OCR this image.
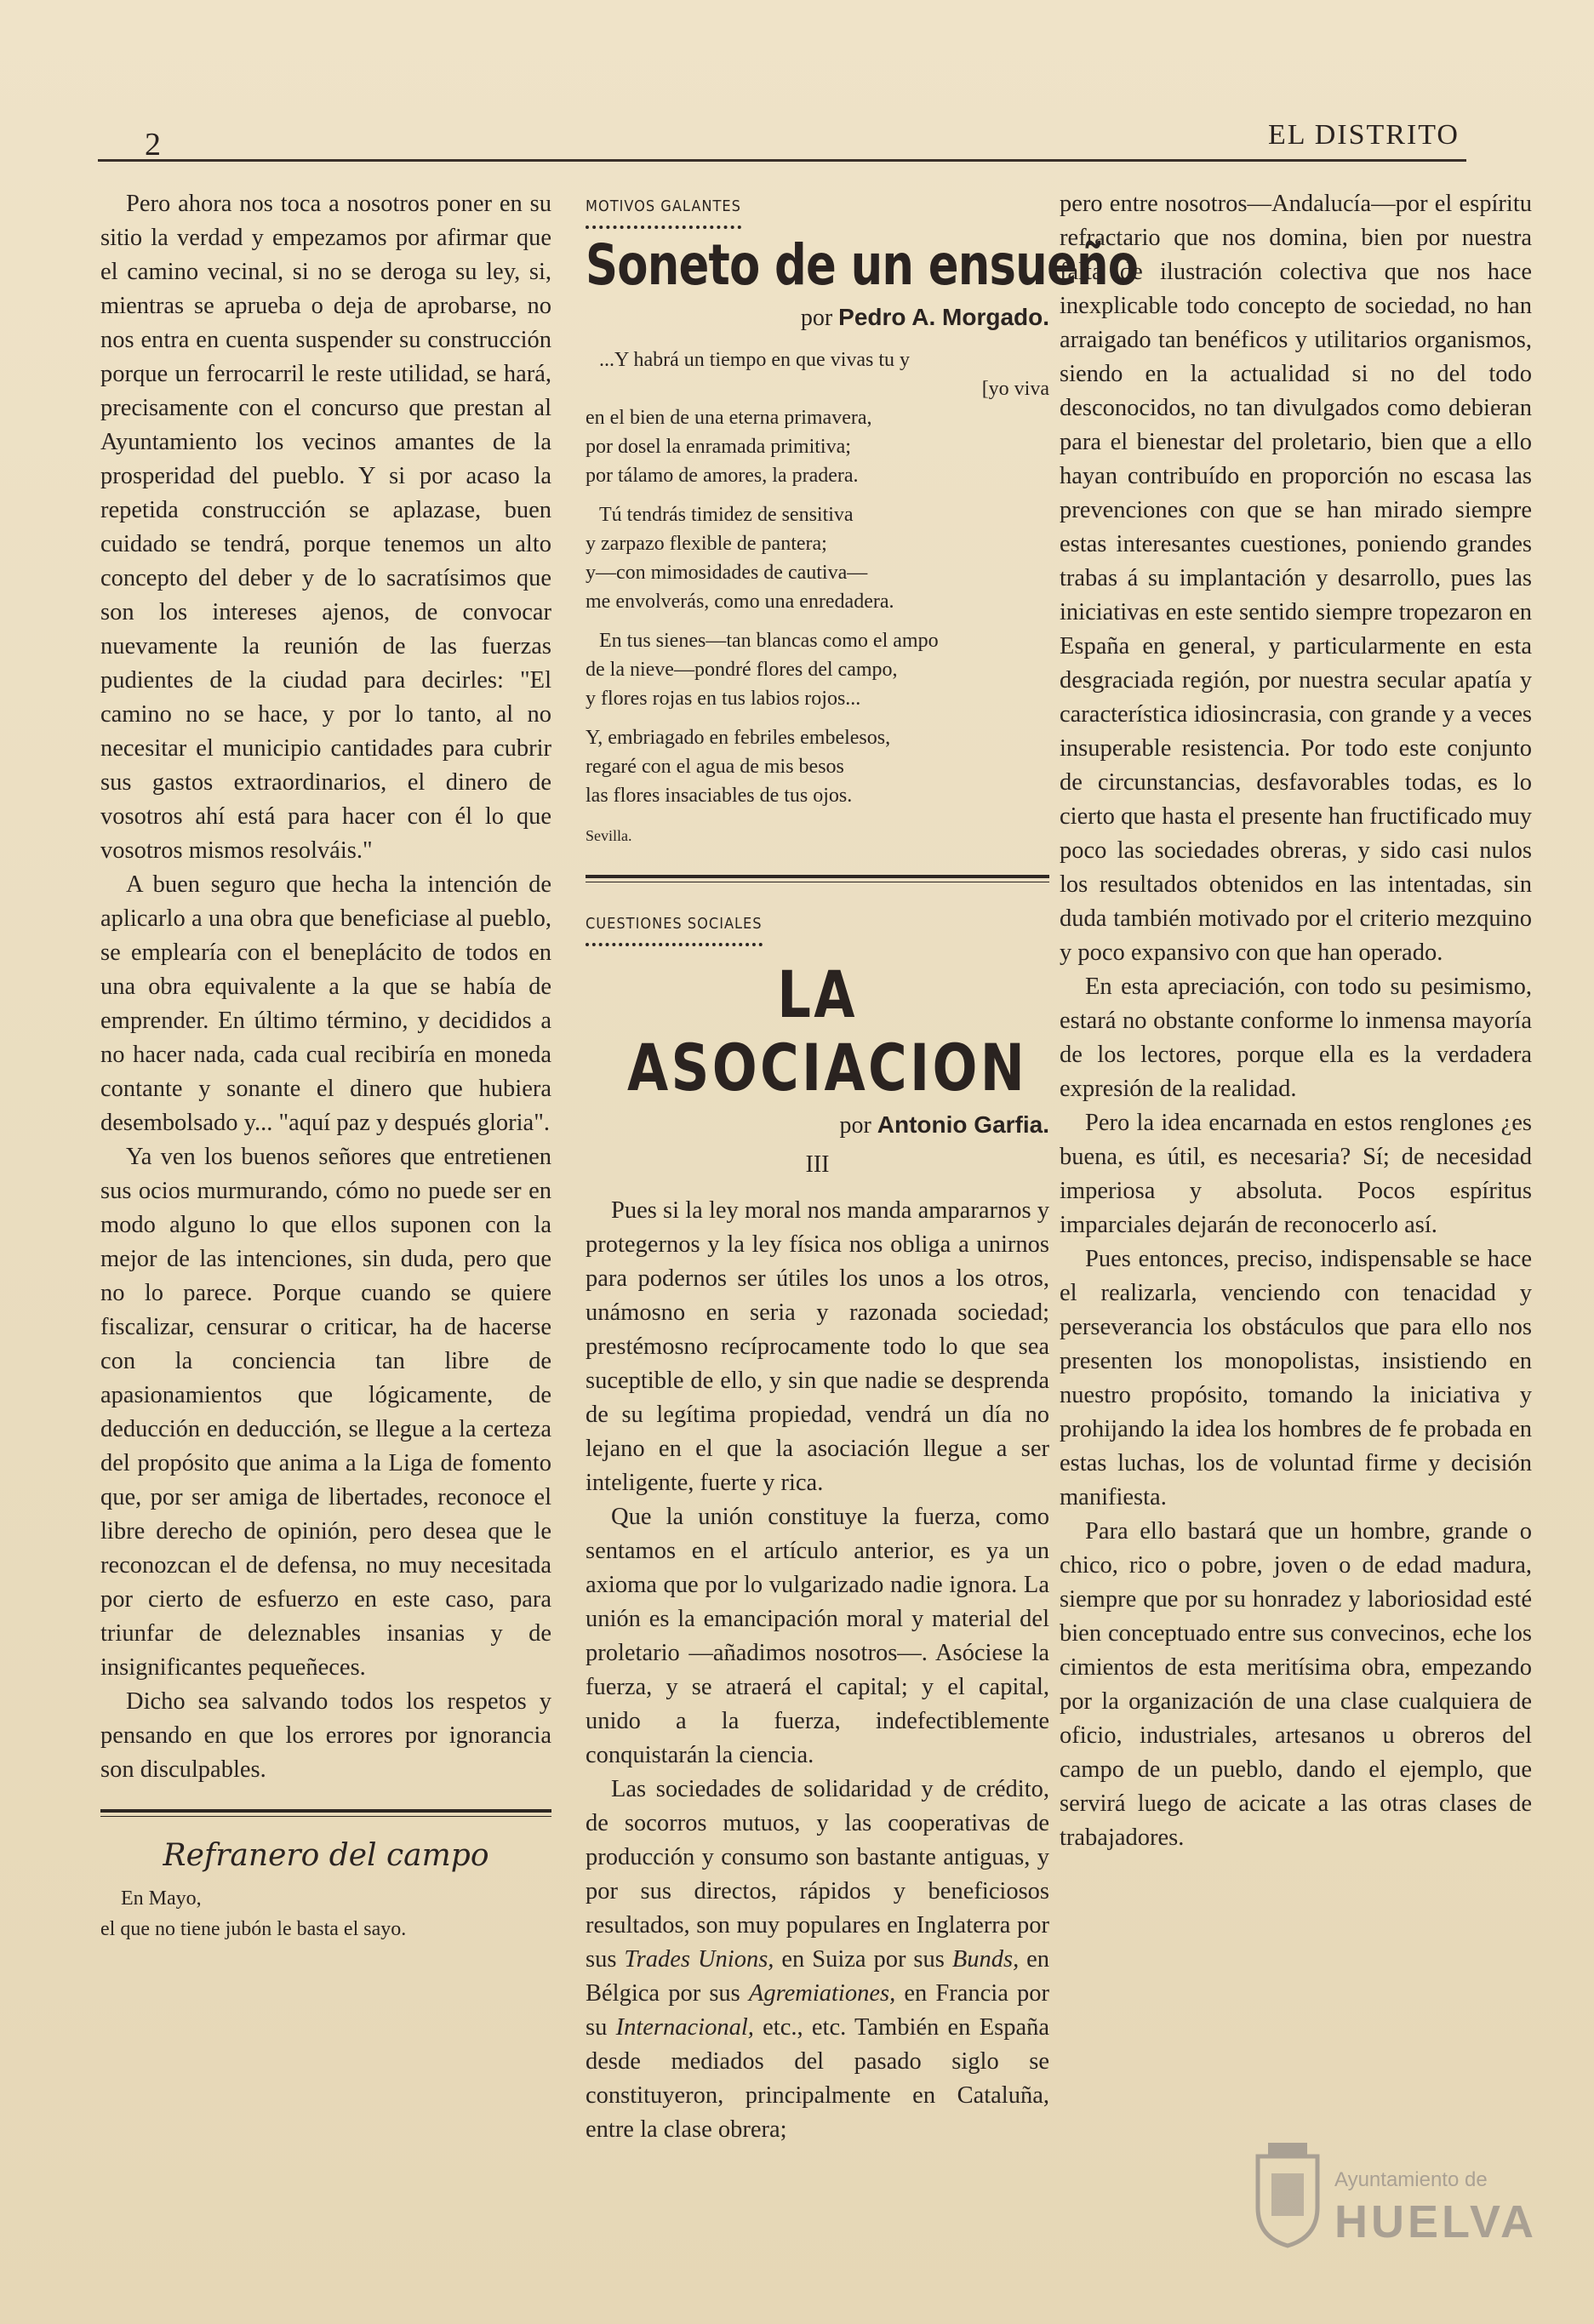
2	EL DISTRITO

Pero ahora nos toca a nosotros poner en su sitio la verdad y empezamos por afirmar que el camino vecinal, si no se deroga su ley, si, mientras se aprueba o deja de aprobarse, no nos entra en cuenta suspender su construcción porque un ferrocarril le reste utilidad, se hará, precisamente con el concurso que prestan al Ayuntamiento los vecinos amantes de la prosperidad del pueblo. Y si por acaso la repetida construcción se aplazase, buen cuidado se tendrá, porque tenemos un alto concepto del deber y de lo sacratísimos que son los intereses ajenos, de convocar nuevamente la reunión de las fuerzas pudientes de la ciudad para decirles: "El camino no se hace, y por lo tanto, al no necesitar el municipio cantidades para cubrir sus gastos extraordinarios, el dinero de vosotros ahí está para hacer con él lo que vosotros mismos resolváis."

A buen seguro que hecha la intención de aplicarlo a una obra que beneficiase al pueblo, se emplearía con el beneplácito de todos en una obra equivalente a la que se había de emprender. En último término, y decididos a no hacer nada, cada cual recibiría en moneda contante y sonante el dinero que hubiera desembolsado y... "aquí paz y después gloria".

Ya ven los buenos señores que entretienen sus ocios murmurando, cómo no puede ser en modo alguno lo que ellos suponen con la mejor de las intenciones, sin duda, pero que no lo parece. Porque cuando se quiere fiscalizar, censurar o criticar, ha de hacerse con la conciencia tan libre de apasionamientos que lógicamente, de deducción en deducción, se llegue a la certeza del propósito que anima a la Liga de fomento que, por ser amiga de libertades, reconoce el libre derecho de opinión, pero desea que le reconozcan el de defensa, no muy necesitada por cierto de esfuerzo en este caso, para triunfar de deleznables insanias y de insignificantes pequeñeces.

Dicho sea salvando todos los respetos y pensando en que los errores por ignorancia son disculpables.

Refranero del campo
En Mayo,
el que no tiene jubón le basta el sayo.
MOTIVOS GALANTES
Soneto de un ensueño
por Pedro A. Morgado.
...Y habrá un tiempo en que vivas tu y
[yo viva
en el bien de una eterna primavera,
por dosel la enramada primitiva;
por tálamo de amores, la pradera.
Tú tendrás timidez de sensitiva
y zarpazo flexible de pantera;
y—con mimosidades de cautiva—
me envolverás, como una enredadera.
En tus sienes—tan blancas como el ampo
de la nieve—pondré flores del campo,
y flores rojas en tus labios rojos...
Y, embriagado en febriles embelesos,
regaré con el agua de mis besos
las flores insaciables de tus ojos.
Sevilla.
CUESTIONES SOCIALES
LA ASOCIACION
por Antonio Garfia.
III

Pues si la ley moral nos manda ampararnos y protegernos y la ley física nos obliga a unirnos para podernos ser útiles los unos a los otros, unámosno en seria y razonada sociedad; prestémosno recíprocamente todo lo que sea suceptible de ello, y sin que nadie se desprenda de su legítima propiedad, vendrá un día no lejano en el que la asociación llegue a ser inteligente, fuerte y rica.

Que la unión constituye la fuerza, como sentamos en el artículo anterior, es ya un axioma que por lo vulgarizado nadie ignora. La unión es la emancipación moral y material del proletario —añadimos nosotros—. Asóciese la fuerza, y se atraerá el capital; y el capital, unido a la fuerza, indefectiblemente conquistarán la ciencia.

Las sociedades de solidaridad y de crédito, de socorros mutuos, y las cooperativas de producción y consumo son bastante antiguas, y por sus directos, rápidos y beneficiosos resultados, son muy populares en Inglaterra por sus Trades Unions, en Suiza por sus Bunds, en Bélgica por sus Agremiationes, en Francia por su Internacional, etc., etc. También en España desde mediados del pasado siglo se constituyeron, principalmente en Cataluña, entre la clase obrera;

pero entre nosotros—Andalucía—por el espíritu refractario que nos domina, bien por nuestra falta de ilustración colectiva que nos hace inexplicable todo concepto de sociedad, no han arraigado tan benéficos y utilitarios organismos, siendo en la actualidad si no del todo desconocidos, no tan divulgados como debieran para el bienestar del proletario, bien que a ello hayan contribuído en proporción no escasa las prevenciones con que se han mirado siempre estas interesantes cuestiones, poniendo grandes trabas á su implantación y desarrollo, pues las iniciativas en este sentido siempre tropezaron en España en general, y particularmente en esta desgraciada región, por nuestra secular apatía y característica idiosincrasia, con grande y a veces insuperable resistencia. Por todo este conjunto de circunstancias, desfavorables todas, es lo cierto que hasta el presente han fructificado muy poco las sociedades obreras, y sido casi nulos los resultados obtenidos en las intentadas, sin duda también motivado por el criterio mezquino y poco expansivo con que han operado.

En esta apreciación, con todo su pesimismo, estará no obstante conforme lo inmensa mayoría de los lectores, porque ella es la verdadera expresión de la realidad.

Pero la idea encarnada en estos renglones ¿es buena, es útil, es necesaria? Sí; de necesidad imperiosa y absoluta. Pocos espíritus imparciales dejarán de reconocerlo así.

Pues entonces, preciso, indispensable se hace el realizarla, venciendo con tenacidad y perseverancia los obstáculos que para ello nos presenten los monopolistas, insistiendo en nuestro propósito, tomando la iniciativa y prohijando la idea los hombres de fe probada en estas luchas, los de voluntad firme y decisión manifiesta.

Para ello bastará que un hombre, grande o chico, rico o pobre, joven o de edad madura, siempre que por su honradez y laboriosidad esté bien conceptuado entre sus convecinos, eche los cimientos de esta meritísima obra, empezando por la organización de una clase cualquiera de oficio, industriales, artesanos u obreros del campo de un pueblo, dando el ejemplo, que servirá luego de acicate a las otras clases de trabajadores.

Ayuntamiento de
HUELVA
